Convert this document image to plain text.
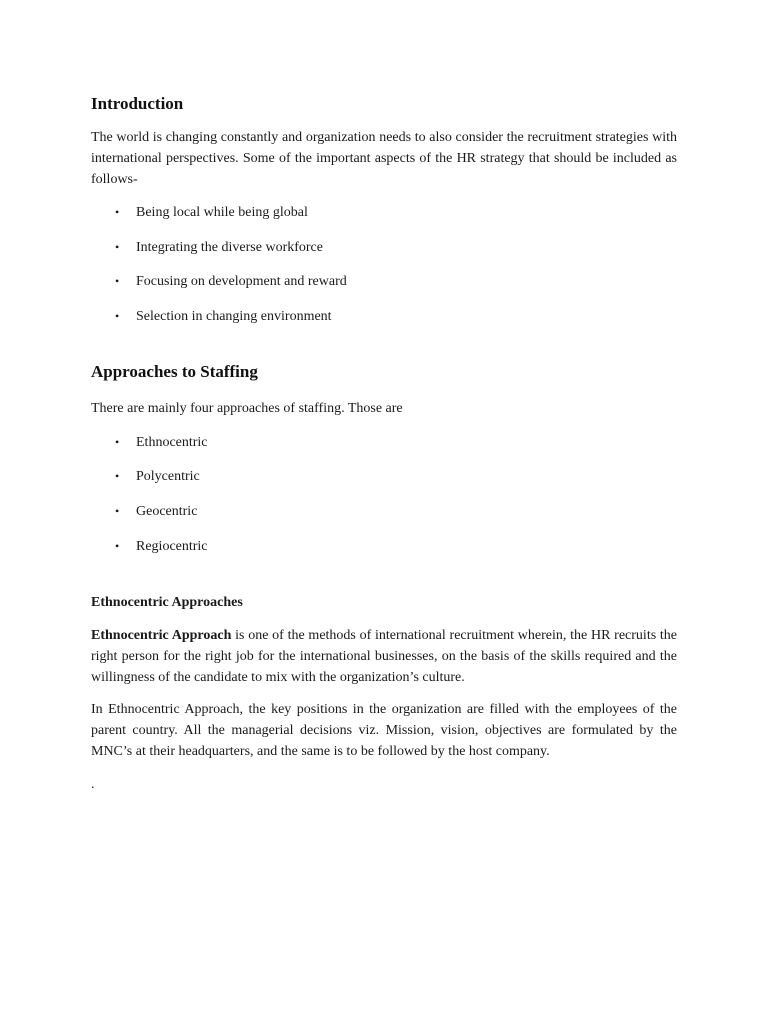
Introduction

The world is changing constantly and organization needs to also consider the recruitment strategies with international perspectives. Some of the important aspects of the HR strategy that should be included as follows-

• Being local while being global
• Integrating the diverse workforce
• Focusing on development and reward
• Selection in changing environment
Approaches to Staffing

There are mainly four approaches of staffing. Those are

• Ethnocentric
• Polycentric
• Geocentric
• Regiocentric
Ethnocentric Approaches

Ethnocentric Approach is one of the methods of international recruitment wherein, the HR recruits the right person for the right job for the international businesses, on the basis of the skills required and the willingness of the candidate to mix with the organization’s culture.

In Ethnocentric Approach, the key positions in the organization are filled with the employees of the parent country. All the managerial decisions viz. Mission, vision, objectives are formulated by the MNC’s at their headquarters, and the same is to be followed by the host company.

.
